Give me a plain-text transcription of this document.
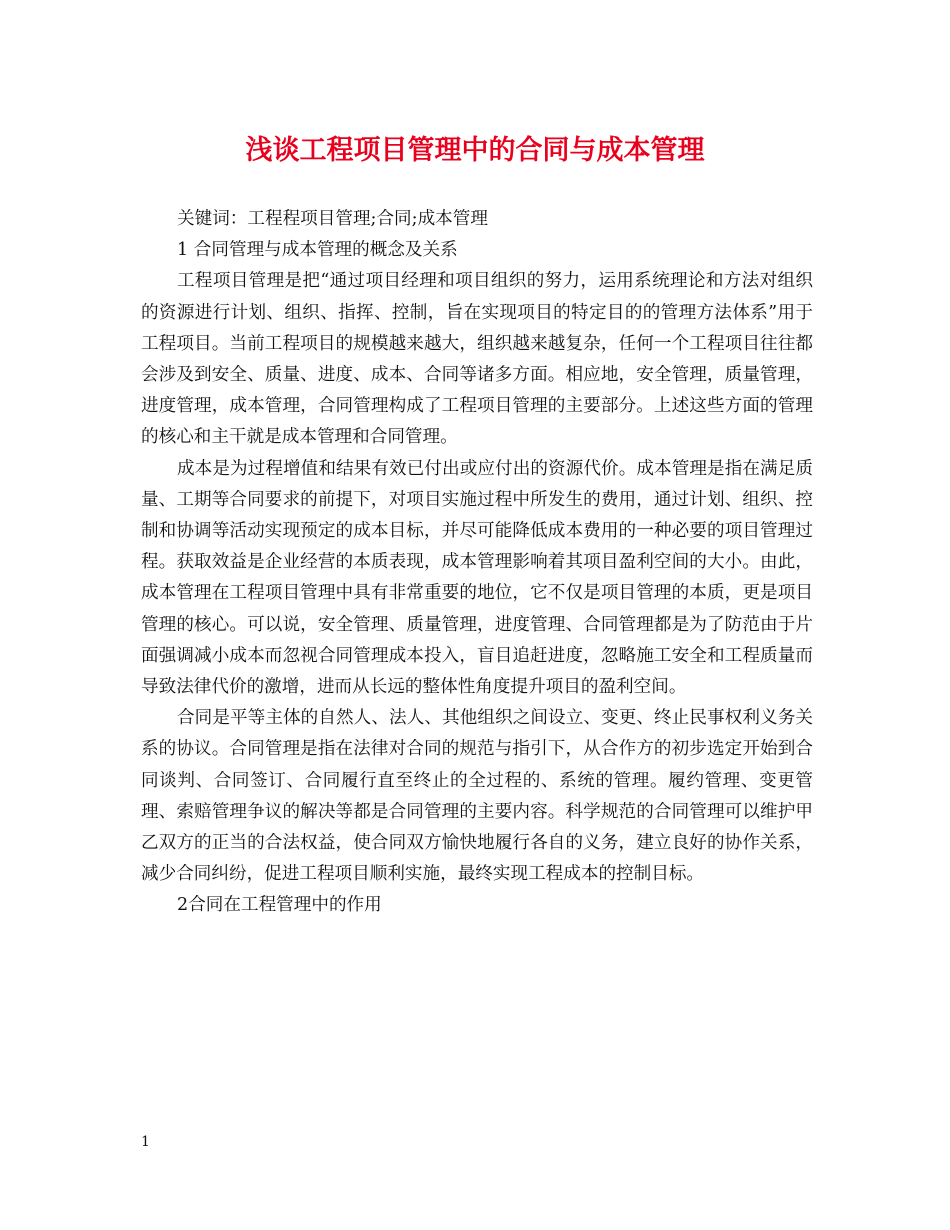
浅谈工程项目管理中的合同与成本管理

关键词：工程程项目管理;合同;成本管理

1 合同管理与成本管理的概念及关系

工程项目管理是把“通过项目经理和项目组织的努力，运用系统理论和方法对组织的资源进行计划、组织、指挥、控制，旨在实现项目的特定目的的管理方法体系”用于工程项目。当前工程项目的规模越来越大，组织越来越复杂，任何一个工程项目往往都会涉及到安全、质量、进度、成本、合同等诸多方面。相应地，安全管理，质量管理，进度管理，成本管理，合同管理构成了工程项目管理的主要部分。上述这些方面的管理的核心和主干就是成本管理和合同管理。

成本是为过程增值和结果有效已付出或应付出的资源代价。成本管理是指在满足质量、工期等合同要求的前提下，对项目实施过程中所发生的费用，通过计划、组织、控制和协调等活动实现预定的成本目标，并尽可能降低成本费用的一种必要的项目管理过程。获取效益是企业经营的本质表现，成本管理影响着其项目盈利空间的大小。由此，成本管理在工程项目管理中具有非常重要的地位，它不仅是项目管理的本质，更是项目管理的核心。可以说，安全管理、质量管理，进度管理、合同管理都是为了防范由于片面强调减小成本而忽视合同管理成本投入，盲目追赶进度，忽略施工安全和工程质量而导致法律代价的激增，进而从长远的整体性角度提升项目的盈利空间。

合同是平等主体的自然人、法人、其他组织之间设立、变更、终止民事权利义务关系的协议。合同管理是指在法律对合同的规范与指引下，从合作方的初步选定开始到合同谈判、合同签订、合同履行直至终止的全过程的、系统的管理。履约管理、变更管理、索赔管理争议的解决等都是合同管理的主要内容。科学规范的合同管理可以维护甲乙双方的正当的合法权益，使合同双方愉快地履行各自的义务，建立良好的协作关系，减少合同纠纷，促进工程项目顺利实施，最终实现工程成本的控制目标。

2合同在工程管理中的作用

1
